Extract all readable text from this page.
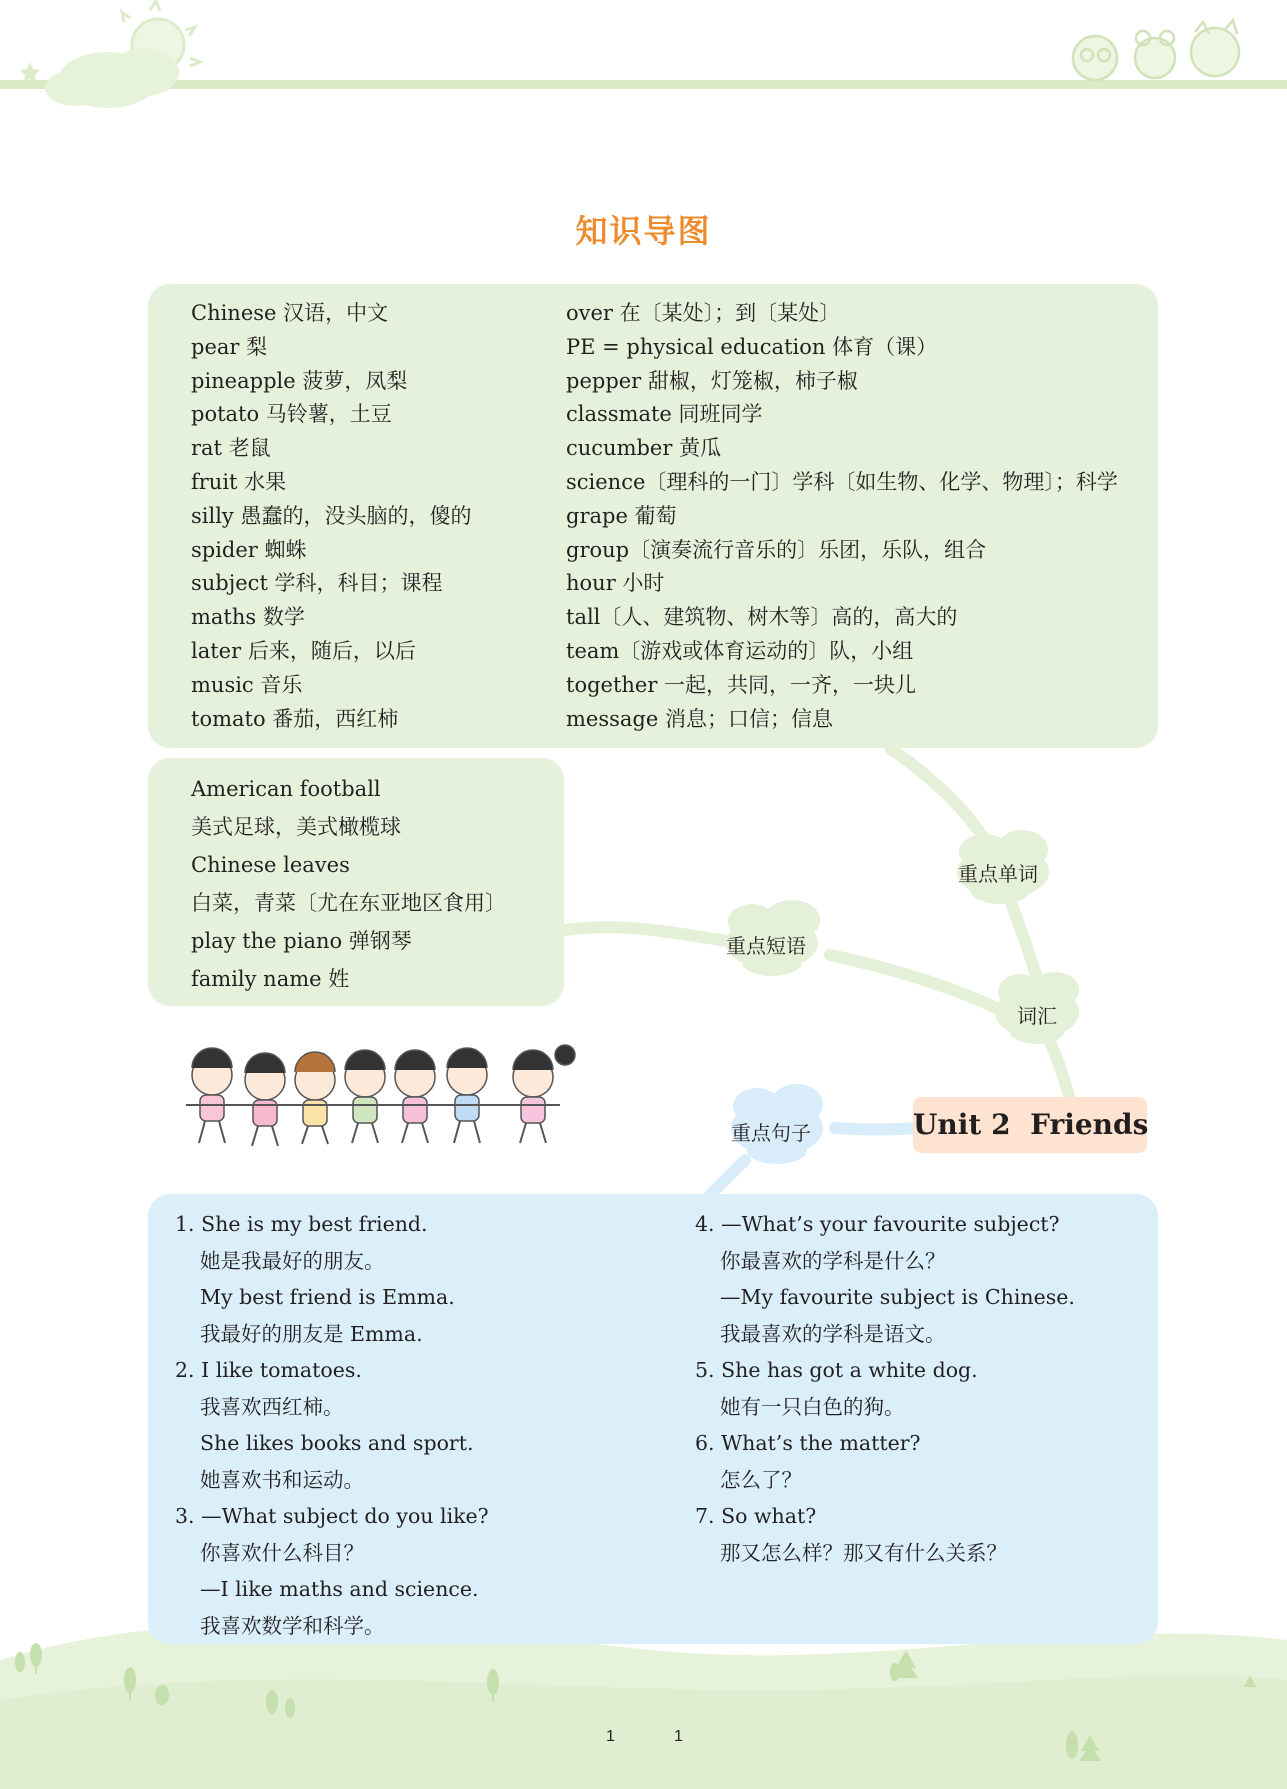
知识导图
Chinese 汉语，中文
pear 梨
pineapple 菠萝，凤梨
potato 马铃薯，土豆
rat 老鼠
fruit 水果
silly 愚蠢的，没头脑的，傻的
spider 蜘蛛
subject 学科，科目；课程
maths 数学
later 后来，随后，以后
music 音乐
tomato 番茄，西红柿
over 在〔某处〕；到〔某处〕
PE = physical education 体育（课）
pepper 甜椒，灯笼椒，柿子椒
classmate 同班同学
cucumber 黄瓜
science〔理科的一门〕学科〔如生物、化学、物理〕；科学
grape 葡萄
group〔演奏流行音乐的〕乐团，乐队，组合
hour 小时
tall〔人、建筑物、树木等〕高的，高大的
team〔游戏或体育运动的〕队，小组
together 一起，共同，一齐，一块儿
message 消息；口信；信息
American football
美式足球，美式橄榄球
Chinese leaves
白菜，青菜〔尤在东亚地区食用〕
play the piano 弹钢琴
family name 姓
重点单词
重点短语
词汇
重点句子	Unit 2  Friends
1. She is my best friend.
她是我最好的朋友。
My best friend is Emma.
我最好的朋友是 Emma.
2. I like tomatoes.
我喜欢西红柿。
She likes books and sport.
她喜欢书和运动。
3. —What subject do you like?
你喜欢什么科目？
—I like maths and science.
我喜欢数学和科学。
4. —What’s your favourite subject?
你最喜欢的学科是什么？
—My favourite subject is Chinese.
我最喜欢的学科是语文。
5. She has got a white dog.
她有一只白色的狗。
6. What’s the matter?
怎么了？
7. So what?
那又怎么样？那又有什么关系？
1	1
